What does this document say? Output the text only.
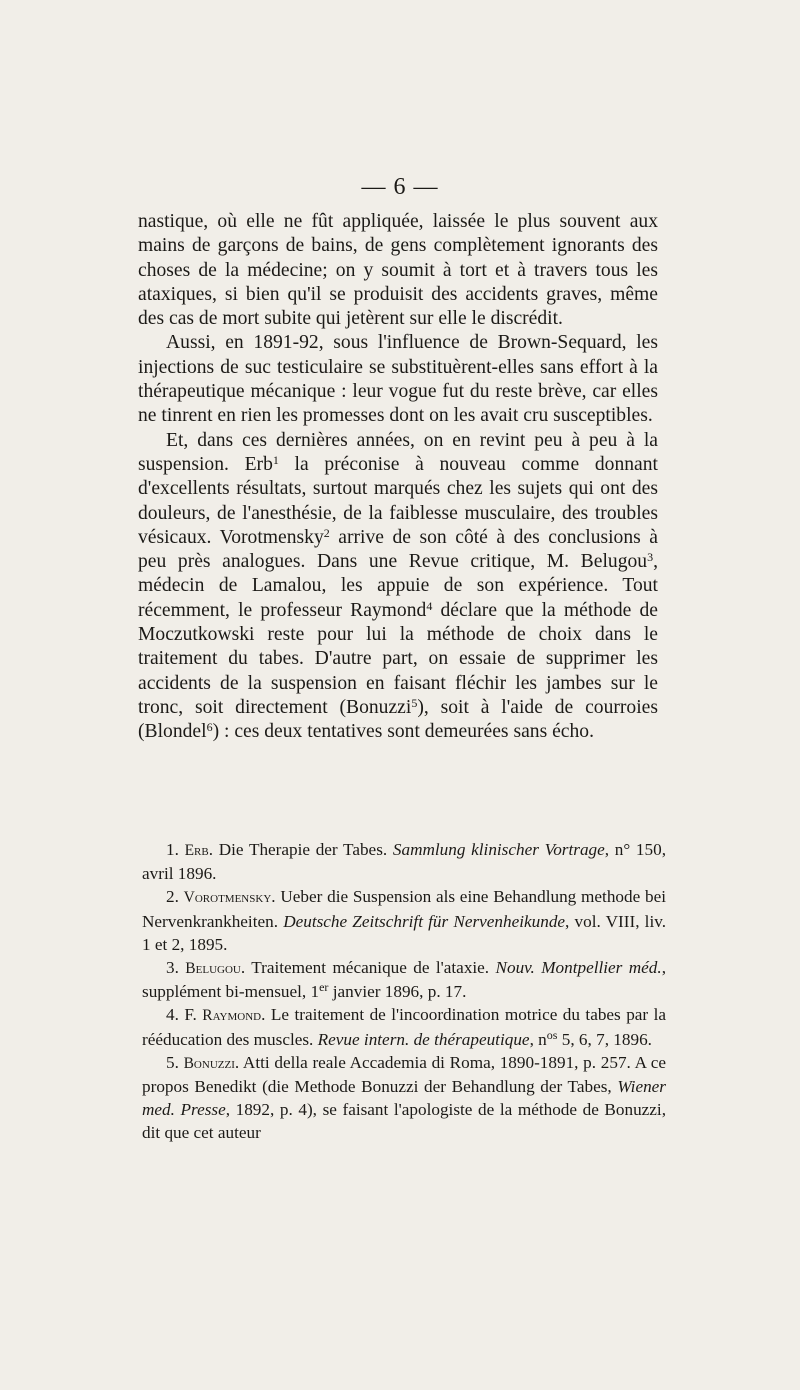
— 6 —

nastique, où elle ne fût appliquée, laissée le plus souvent aux mains de garçons de bains, de gens complètement ignorants des choses de la médecine; on y soumit à tort et à travers tous les ataxiques, si bien qu'il se produisit des accidents graves, même des cas de mort subite qui jetèrent sur elle le discrédit.

Aussi, en 1891-92, sous l'influence de Brown-Sequard, les injections de suc testiculaire se substituèrent-elles sans effort à la thérapeutique mécanique : leur vogue fut du reste brève, car elles ne tinrent en rien les promesses dont on les avait cru susceptibles.

Et, dans ces dernières années, on en revint peu à peu à la suspension. Erb$^1$ la préconise à nouveau comme donnant d'excellents résultats, surtout marqués chez les sujets qui ont des douleurs, de l'anesthésie, de la faiblesse musculaire, des troubles vésicaux. Vorotmensky$^2$ arrive de son côté à des conclusions à peu près analogues. Dans une Revue critique, M. Belugou$^3$, médecin de Lamalou, les appuie de son expérience. Tout récemment, le professeur Raymond$^4$ déclare que la méthode de Moczutkowski reste pour lui la méthode de choix dans le traitement du tabes. D'autre part, on essaie de supprimer les accidents de la suspension en faisant fléchir les jambes sur le tronc, soit directement (Bonuzzi$^5$), soit à l'aide de courroies (Blondel$^6$) : ces deux tentatives sont demeurées sans écho.

1. Erb. Die Therapie der Tabes. Sammlung klinischer Vortrage, n° 150, avril 1896.

2. Vorotmensky. Ueber die Suspension als eine Behandlung methode bei Nervenkrankheiten. Deutsche Zeitschrift für Nervenheikunde, vol. VIII, liv. 1 et 2, 1895.

3. Belugou. Traitement mécanique de l'ataxie. Nouv. Montpellier méd., supplément bi-mensuel, 1er janvier 1896, p. 17.

4. F. Raymond. Le traitement de l'incoordination motrice du tabes par la rééducation des muscles. Revue intern. de thérapeutique, $n^{os}$ 5, 6, 7, 1896.

5. Bonuzzi. Atti della reale Accademia di Roma, 1890-1891, p. 257. A ce propos Benedikt (die Methode Bonuzzi der Behandlung der Tabes, Wiener med. Presse, 1892, p. 4), se faisant l'apologiste de la méthode de Bonuzzi, dit que cet auteur
